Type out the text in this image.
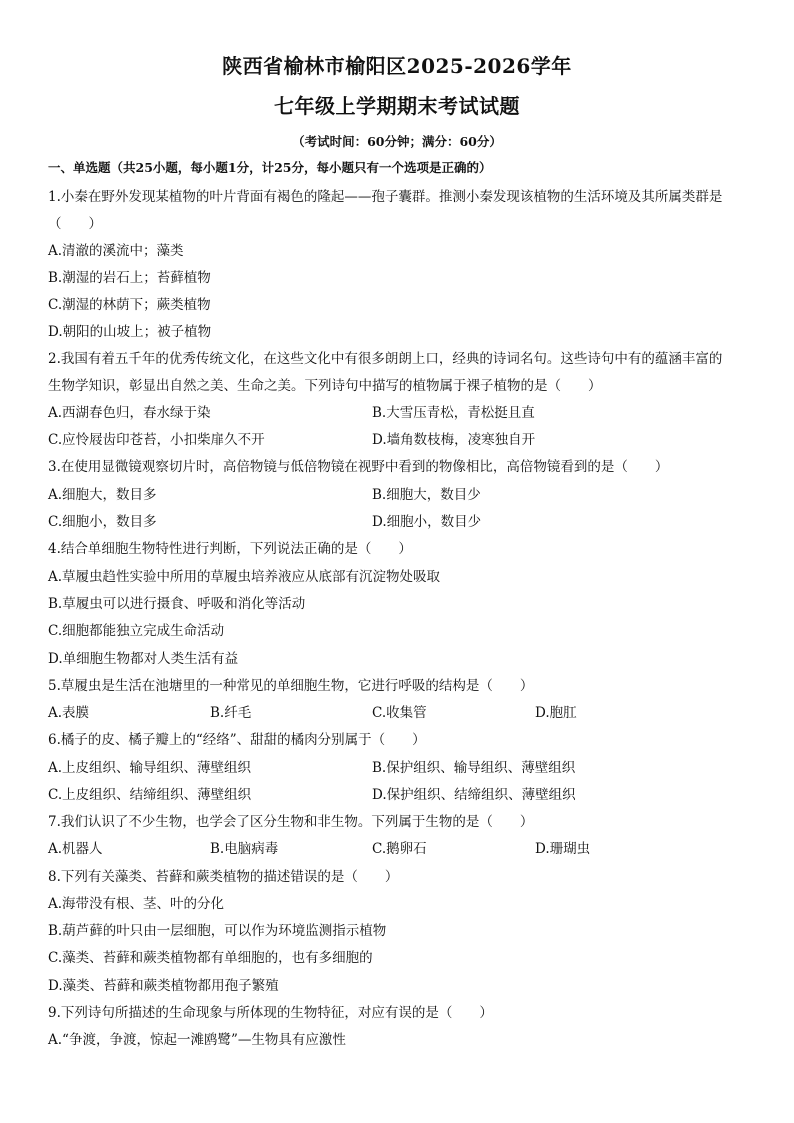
陕西省榆林市榆阳区2025-2026学年
七年级上学期期末考试试题
（考试时间：60分钟；满分：60分）
一、单选题（共25小题，每小题1分，计25分，每小题只有一个选项是正确的）
1.小秦在野外发现某植物的叶片背面有褐色的隆起——孢子囊群。推测小秦发现该植物的生活环境及其所属类群是
（　　）
A.清澈的溪流中；藻类
B.潮湿的岩石上；苔藓植物
C.潮湿的林荫下；蕨类植物
D.朝阳的山坡上；被子植物
2.我国有着五千年的优秀传统文化，在这些文化中有很多朗朗上口，经典的诗词名句。这些诗句中有的蕴涵丰富的
生物学知识，彰显出自然之美、生命之美。下列诗句中描写的植物属于裸子植物的是（　　）
A.西湖春色归，春水绿于染	B.大雪压青松，青松挺且直
C.应怜屐齿印苍苔，小扣柴扉久不开	D.墙角数枝梅，凌寒独自开
3.在使用显微镜观察切片时，高倍物镜与低倍物镜在视野中看到的物像相比，高倍物镜看到的是（　　）
A.细胞大，数目多	B.细胞大，数目少
C.细胞小，数目多	D.细胞小，数目少
4.结合单细胞生物特性进行判断，下列说法正确的是（　　）
A.草履虫趋性实验中所用的草履虫培养液应从底部有沉淀物处吸取
B.草履虫可以进行摄食、呼吸和消化等活动
C.细胞都能独立完成生命活动
D.单细胞生物都对人类生活有益
5.草履虫是生活在池塘里的一种常见的单细胞生物，它进行呼吸的结构是（　　）
A.表膜	B.纤毛	C.收集管	D.胞肛
6.橘子的皮、橘子瓣上的“经络”、甜甜的橘肉分别属于（　　）
A.上皮组织、输导组织、薄壁组织	B.保护组织、输导组织、薄壁组织
C.上皮组织、结缔组织、薄壁组织	D.保护组织、结缔组织、薄壁组织
7.我们认识了不少生物，也学会了区分生物和非生物。下列属于生物的是（　　）
A.机器人	B.电脑病毒	C.鹅卵石	D.珊瑚虫
8.下列有关藻类、苔藓和蕨类植物的描述错误的是（　　）
A.海带没有根、茎、叶的分化
B.葫芦藓的叶只由一层细胞，可以作为环境监测指示植物
C.藻类、苔藓和蕨类植物都有单细胞的，也有多细胞的
D.藻类、苔藓和蕨类植物都用孢子繁殖
9.下列诗句所描述的生命现象与所体现的生物特征，对应有误的是（　　）
A.“争渡，争渡，惊起一滩鸥鹭”—生物具有应激性
